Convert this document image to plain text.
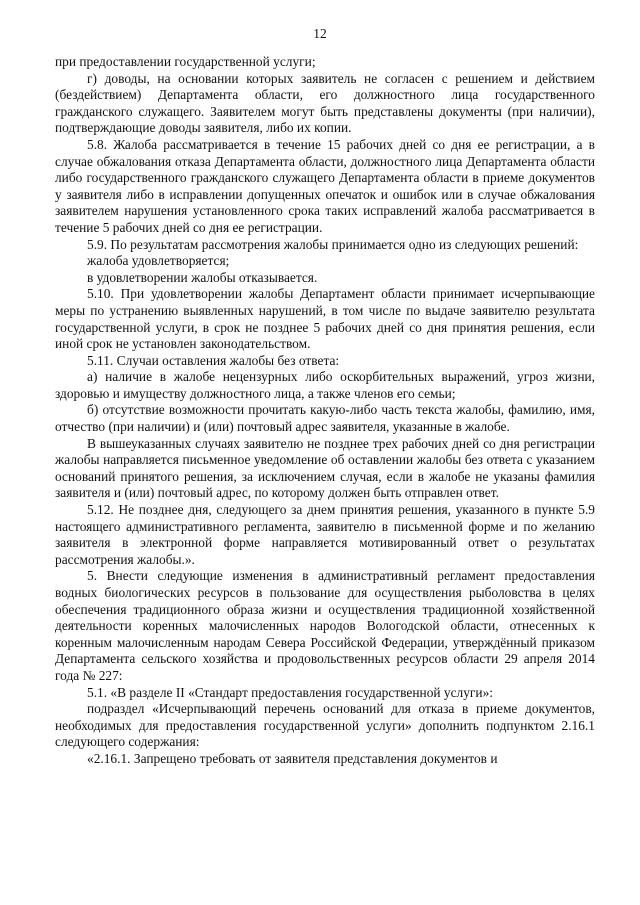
12

при предоставлении государственной услуги;

г) доводы, на основании которых заявитель не согласен с решением и действием (бездействием) Департамента области, его должностного лица государственного гражданского служащего. Заявителем могут быть представлены документы (при наличии), подтверждающие доводы заявителя, либо их копии.

5.8. Жалоба рассматривается в течение 15 рабочих дней со дня ее регистрации, а в случае обжалования отказа Департамента области, должностного лица Департамента области либо государственного гражданского служащего Департамента области в приеме документов у заявителя либо в исправлении допущенных опечаток и ошибок или в случае обжалования заявителем нарушения установленного срока таких исправлений жалоба рассматривается в течение 5 рабочих дней со дня ее регистрации.

5.9. По результатам рассмотрения жалобы принимается одно из следующих решений:

жалоба удовлетворяется;

в удовлетворении жалобы отказывается.

5.10. При удовлетворении жалобы Департамент области принимает исчерпывающие меры по устранению выявленных нарушений, в том числе по выдаче заявителю результата государственной услуги, в срок не позднее 5 рабочих дней со дня принятия решения, если иной срок не установлен законодательством.

5.11. Случаи оставления жалобы без ответа:

а) наличие в жалобе нецензурных либо оскорбительных выражений, угроз жизни, здоровью и имуществу должностного лица, а также членов его семьи;

б) отсутствие возможности прочитать какую-либо часть текста жалобы, фамилию, имя, отчество (при наличии) и (или) почтовый адрес заявителя, указанные в жалобе.

В вышеуказанных случаях заявителю не позднее трех рабочих дней со дня регистрации жалобы направляется письменное уведомление об оставлении жалобы без ответа с указанием оснований принятого решения, за исключением случая, если в жалобе не указаны фамилия заявителя и (или) почтовый адрес, по которому должен быть отправлен ответ.

5.12. Не позднее дня, следующего за днем принятия решения, указанного в пункте 5.9 настоящего административного регламента, заявителю в письменной форме и по желанию заявителя в электронной форме направляется мотивированный ответ о результатах рассмотрения жалобы.».

5. Внести следующие изменения в административный регламент предоставления водных биологических ресурсов в пользование для осуществления рыболовства в целях обеспечения традиционного образа жизни и осуществления традиционной хозяйственной деятельности коренных малочисленных народов Вологодской области, отнесенных к коренным малочисленным народам Севера Российской Федерации, утверждённый приказом Департамента сельского хозяйства и продовольственных ресурсов области 29 апреля 2014 года № 227:

5.1. «В разделе II «Стандарт предоставления государственной услуги»:

подраздел «Исчерпывающий перечень оснований для отказа в приеме документов, необходимых для предоставления государственной услуги» дополнить подпунктом 2.16.1 следующего содержания:

«2.16.1. Запрещено требовать от заявителя представления документов и
